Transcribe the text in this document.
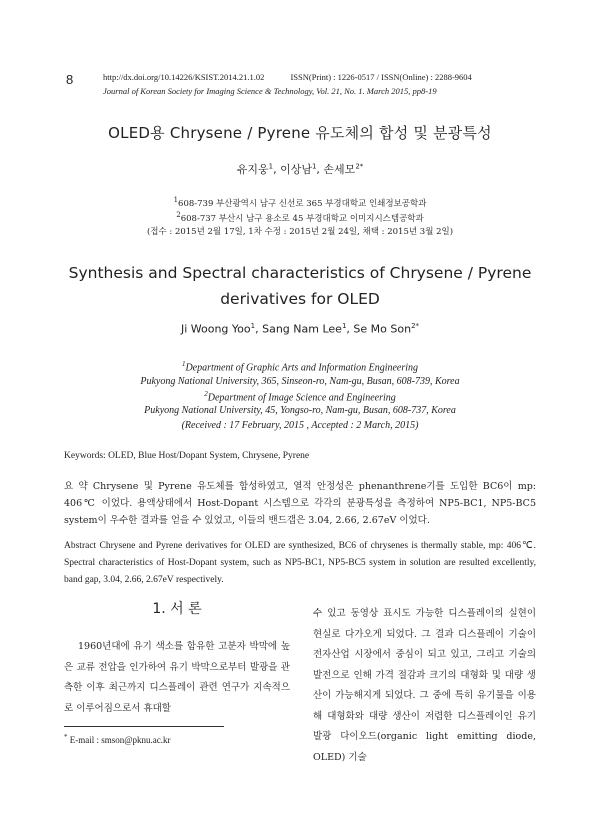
8	http://dx.doi.org/10.14226/KSIST.2014.21.1.02	ISSN(Print) : 1226-0517 / ISSN(Online) : 2288-9604
Journal of Korean Society for Imaging Science & Technology, Vol. 21, No. 1. March 2015, pp8-19
OLED용 Chrysene / Pyrene 유도체의 합성 및 분광특성
유지웅$^1$, 이상남$^1$, 손세모$^{2*}$
$^1$608-739 부산광역시 남구 신선로 365 부경대학교 인쇄정보공학과
$^2$608-737 부산시 남구 용소로 45 부경대학교 이미지시스템공학과
(접수 : 2015년 2월 17일, 1차 수정 : 2015년 2월 24일, 채택 : 2015년 3월 2일)
Synthesis and Spectral characteristics of Chrysene / Pyrene
derivatives for OLED
Ji Woong Yoo$^1$, Sang Nam Lee$^1$, Se Mo Son$^{2*}$
$^1$Department of Graphic Arts and Information Engineering
Pukyong National University, 365, Sinseon-ro, Nam-gu, Busan, 608-739, Korea
$^2$Department of Image Science and Engineering
Pukyong National University, 45, Yongso-ro, Nam-gu, Busan, 608-737, Korea
(Received : 17 February, 2015 , Accepted : 2 March, 2015)
Keywords: OLED, Blue Host/Dopant System, Chrysene, Pyrene
요 약 Chrysene 및 Pyrene 유도체를 합성하였고, 열적 안정성은 phenanthrene기를 도입한 BC6이 mp: 406℃ 이었다. 용액상태에서 Host-Dopant 시스템으로 각각의 분광특성을 측정하여 NP5-BC1, NP5-BC5 system이 우수한 결과를 얻을 수 있었고, 이들의 밴드갭은 3.04, 2.66, 2.67eV 이었다.
Abstract Chrysene and Pyrene derivatives for OLED are synthesized, BC6 of chrysenes is thermally stable, mp: 406℃. Spectral characteristics of Host-Dopant system, such as NP5-BC1, NP5-BC5 system in solution are resulted excellently, band gap, 3.04, 2.66, 2.67eV respectively.
1. 서 론
1960년대에 유기 색소를 함유한 고분자 박막에 높은 교류 전압을 인가하여 유기 박막으로부터 발광을 관측한 이후 최근까지 디스플레이 관련 연구가 지속적으로 이루어짐으로서 휴대할
수 있고 동영상 표시도 가능한 디스플레이의 실현이 현실로 다가오게 되었다. 그 결과 디스플레이 기술이 전자산업 시장에서 중심이 되고 있고, 그리고 기술의 발전으로 인해 가격 절감과 크기의 대형화 및 대량 생산이 가능해지게 되었다. 그 중에 특히 유기물을 이용해 대형화와 대량 생산이 저렴한 디스플레이인 유기 발광 다이오드(organic light emitting diode, OLED) 기술
* E-mail : smson@pknu.ac.kr
